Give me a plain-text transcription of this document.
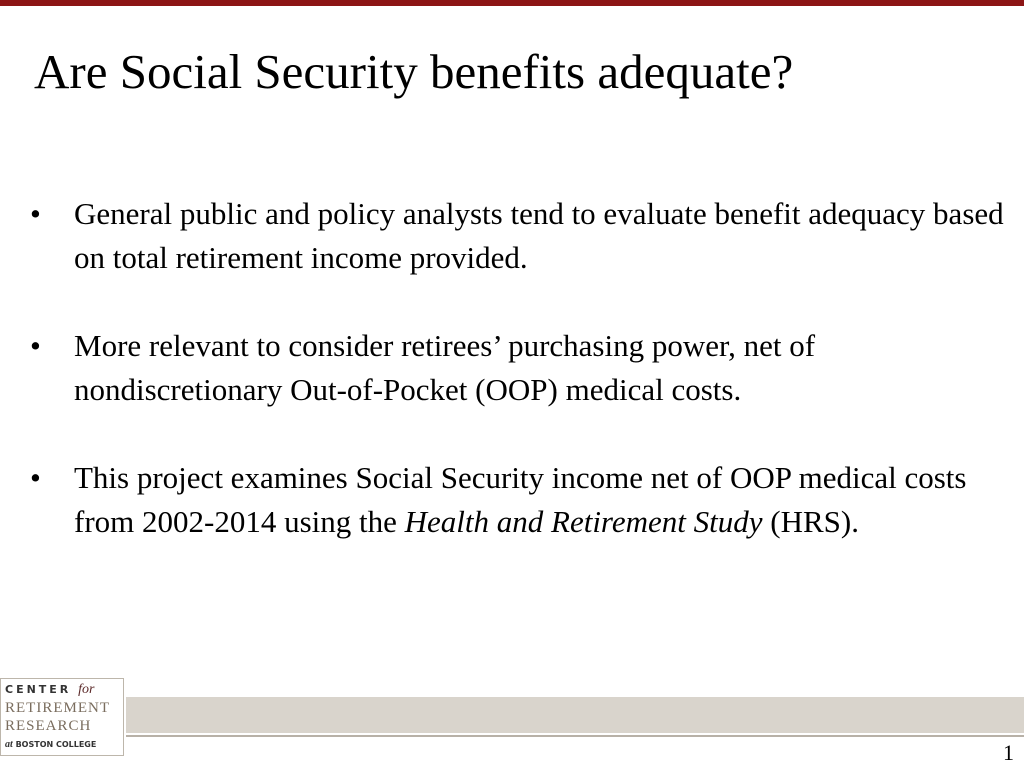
Are Social Security benefits adequate?
•	General public and policy analysts tend to evaluate benefit adequacy based on total retirement income provided.
•	More relevant to consider retirees’ purchasing power, net of nondiscretionary Out-of-Pocket (OOP) medical costs.
•	This project examines Social Security income net of OOP medical costs from 2002-2014 using the Health and Retirement Study (HRS).
CENTER for
RETIREMENT
RESEARCH
at BOSTON COLLEGE	1
